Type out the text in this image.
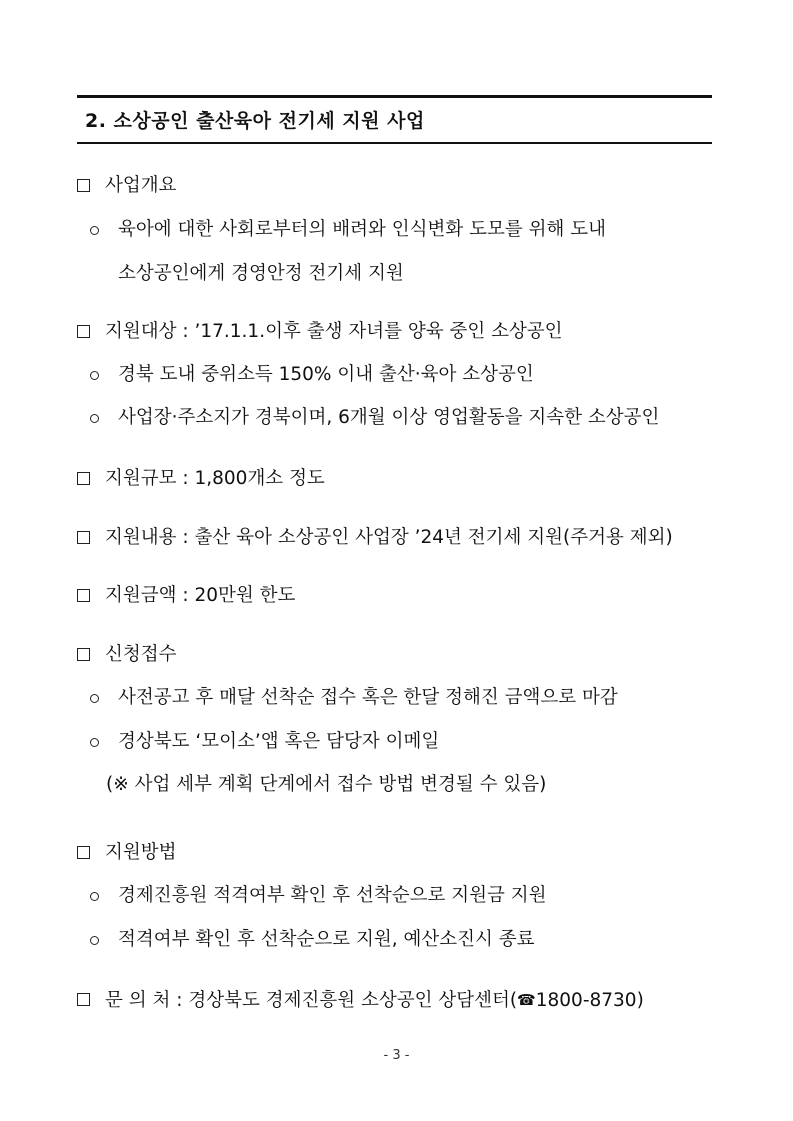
2. 소상공인 출산육아 전기세 지원 사업
사업개요
육아에 대한 사회로부터의 배려와 인식변화 도모를 위해 도내
소상공인에게 경영안정 전기세 지원
지원대상 : ’17.1.1.이후 출생 자녀를 양육 중인 소상공인
경북 도내 중위소득 150% 이내 출산·육아 소상공인
사업장·주소지가 경북이며, 6개월 이상 영업활동을 지속한 소상공인
지원규모 : 1,800개소 정도
지원내용 : 출산 육아 소상공인 사업장 ’24년 전기세 지원(주거용 제외)
지원금액 : 20만원 한도
신청접수
사전공고 후 매달 선착순 접수 혹은 한달 정해진 금액으로 마감
경상북도 ‘모이소’앱 혹은 담당자 이메일
(※ 사업 세부 계획 단계에서 접수 방법 변경될 수 있음)
지원방법
경제진흥원 적격여부 확인 후 선착순으로 지원금 지원
적격여부 확인 후 선착순으로 지원, 예산소진시 종료
문 의 처 : 경상북도 경제진흥원 소상공인 상담센터(☎1800-8730)
- 3 -
